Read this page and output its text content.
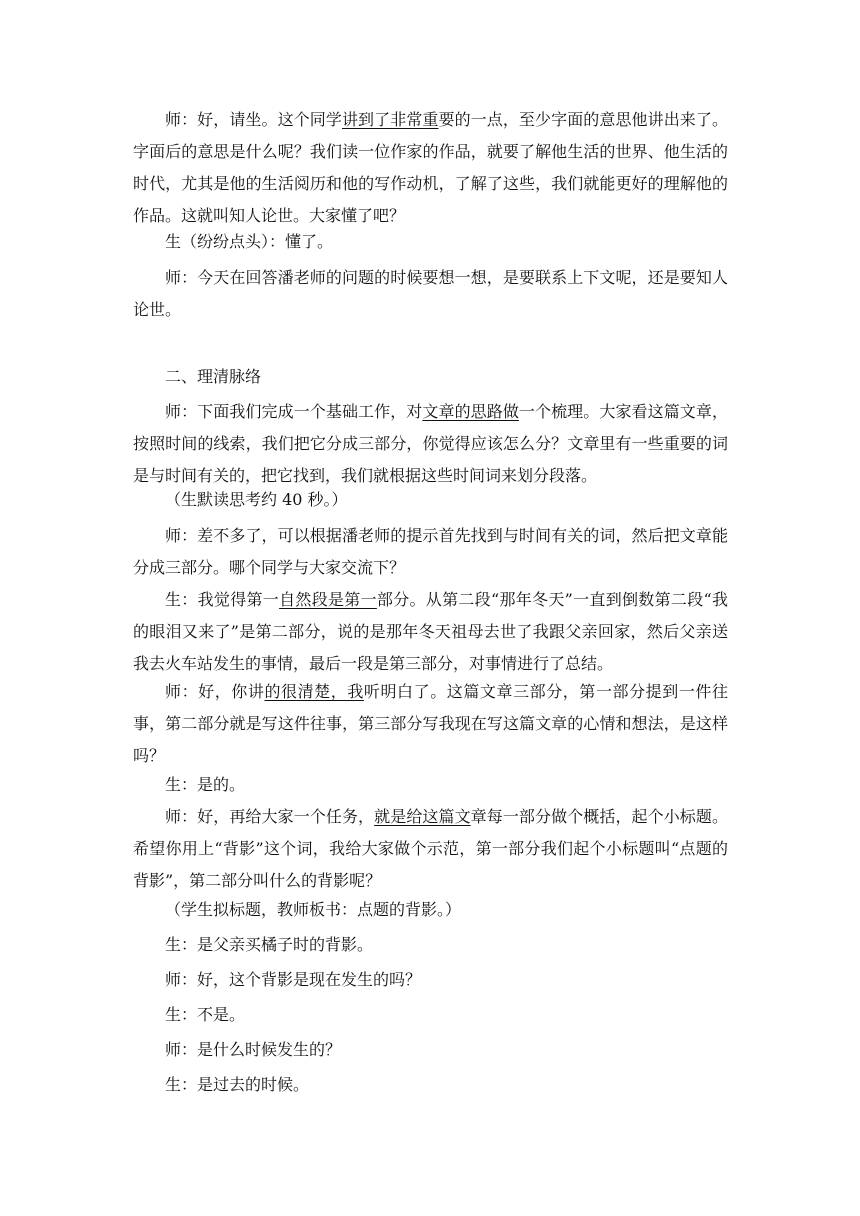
师：好，请坐。这个同学讲到了非常重要的一点，至少字面的意思他讲出来了。字面后的意思是什么呢？我们读一位作家的作品，就要了解他生活的世界、他生活的时代，尤其是他的生活阅历和他的写作动机，了解了这些，我们就能更好的理解他的作品。这就叫知人论世。大家懂了吧？

生（纷纷点头）：懂了。

师：今天在回答潘老师的问题的时候要想一想，是要联系上下文呢，还是要知人论世。

二、理清脉络

师：下面我们完成一个基础工作，对文章的思路做一个梳理。大家看这篇文章，按照时间的线索，我们把它分成三部分，你觉得应该怎么分？文章里有一些重要的词是与时间有关的，把它找到，我们就根据这些时间词来划分段落。

（生默读思考约 40 秒。）

师：差不多了，可以根据潘老师的提示首先找到与时间有关的词，然后把文章能分成三部分。哪个同学与大家交流下？

生：我觉得第一自然段是第一部分。从第二段“那年冬天”一直到倒数第二段“我的眼泪又来了”是第二部分，说的是那年冬天祖母去世了我跟父亲回家，然后父亲送我去火车站发生的事情，最后一段是第三部分，对事情进行了总结。

师：好，你讲的很清楚，我听明白了。这篇文章三部分，第一部分提到一件往事，第二部分就是写这件往事，第三部分写我现在写这篇文章的心情和想法，是这样吗？

生：是的。

师：好，再给大家一个任务，就是给这篇文章每一部分做个概括，起个小标题。希望你用上“背影”这个词，我给大家做个示范，第一部分我们起个小标题叫“点题的背影”，第二部分叫什么的背影呢？

（学生拟标题，教师板书：点题的背影。）

生：是父亲买橘子时的背影。

师：好，这个背影是现在发生的吗？

生：不是。

师：是什么时候发生的？

生：是过去的时候。
